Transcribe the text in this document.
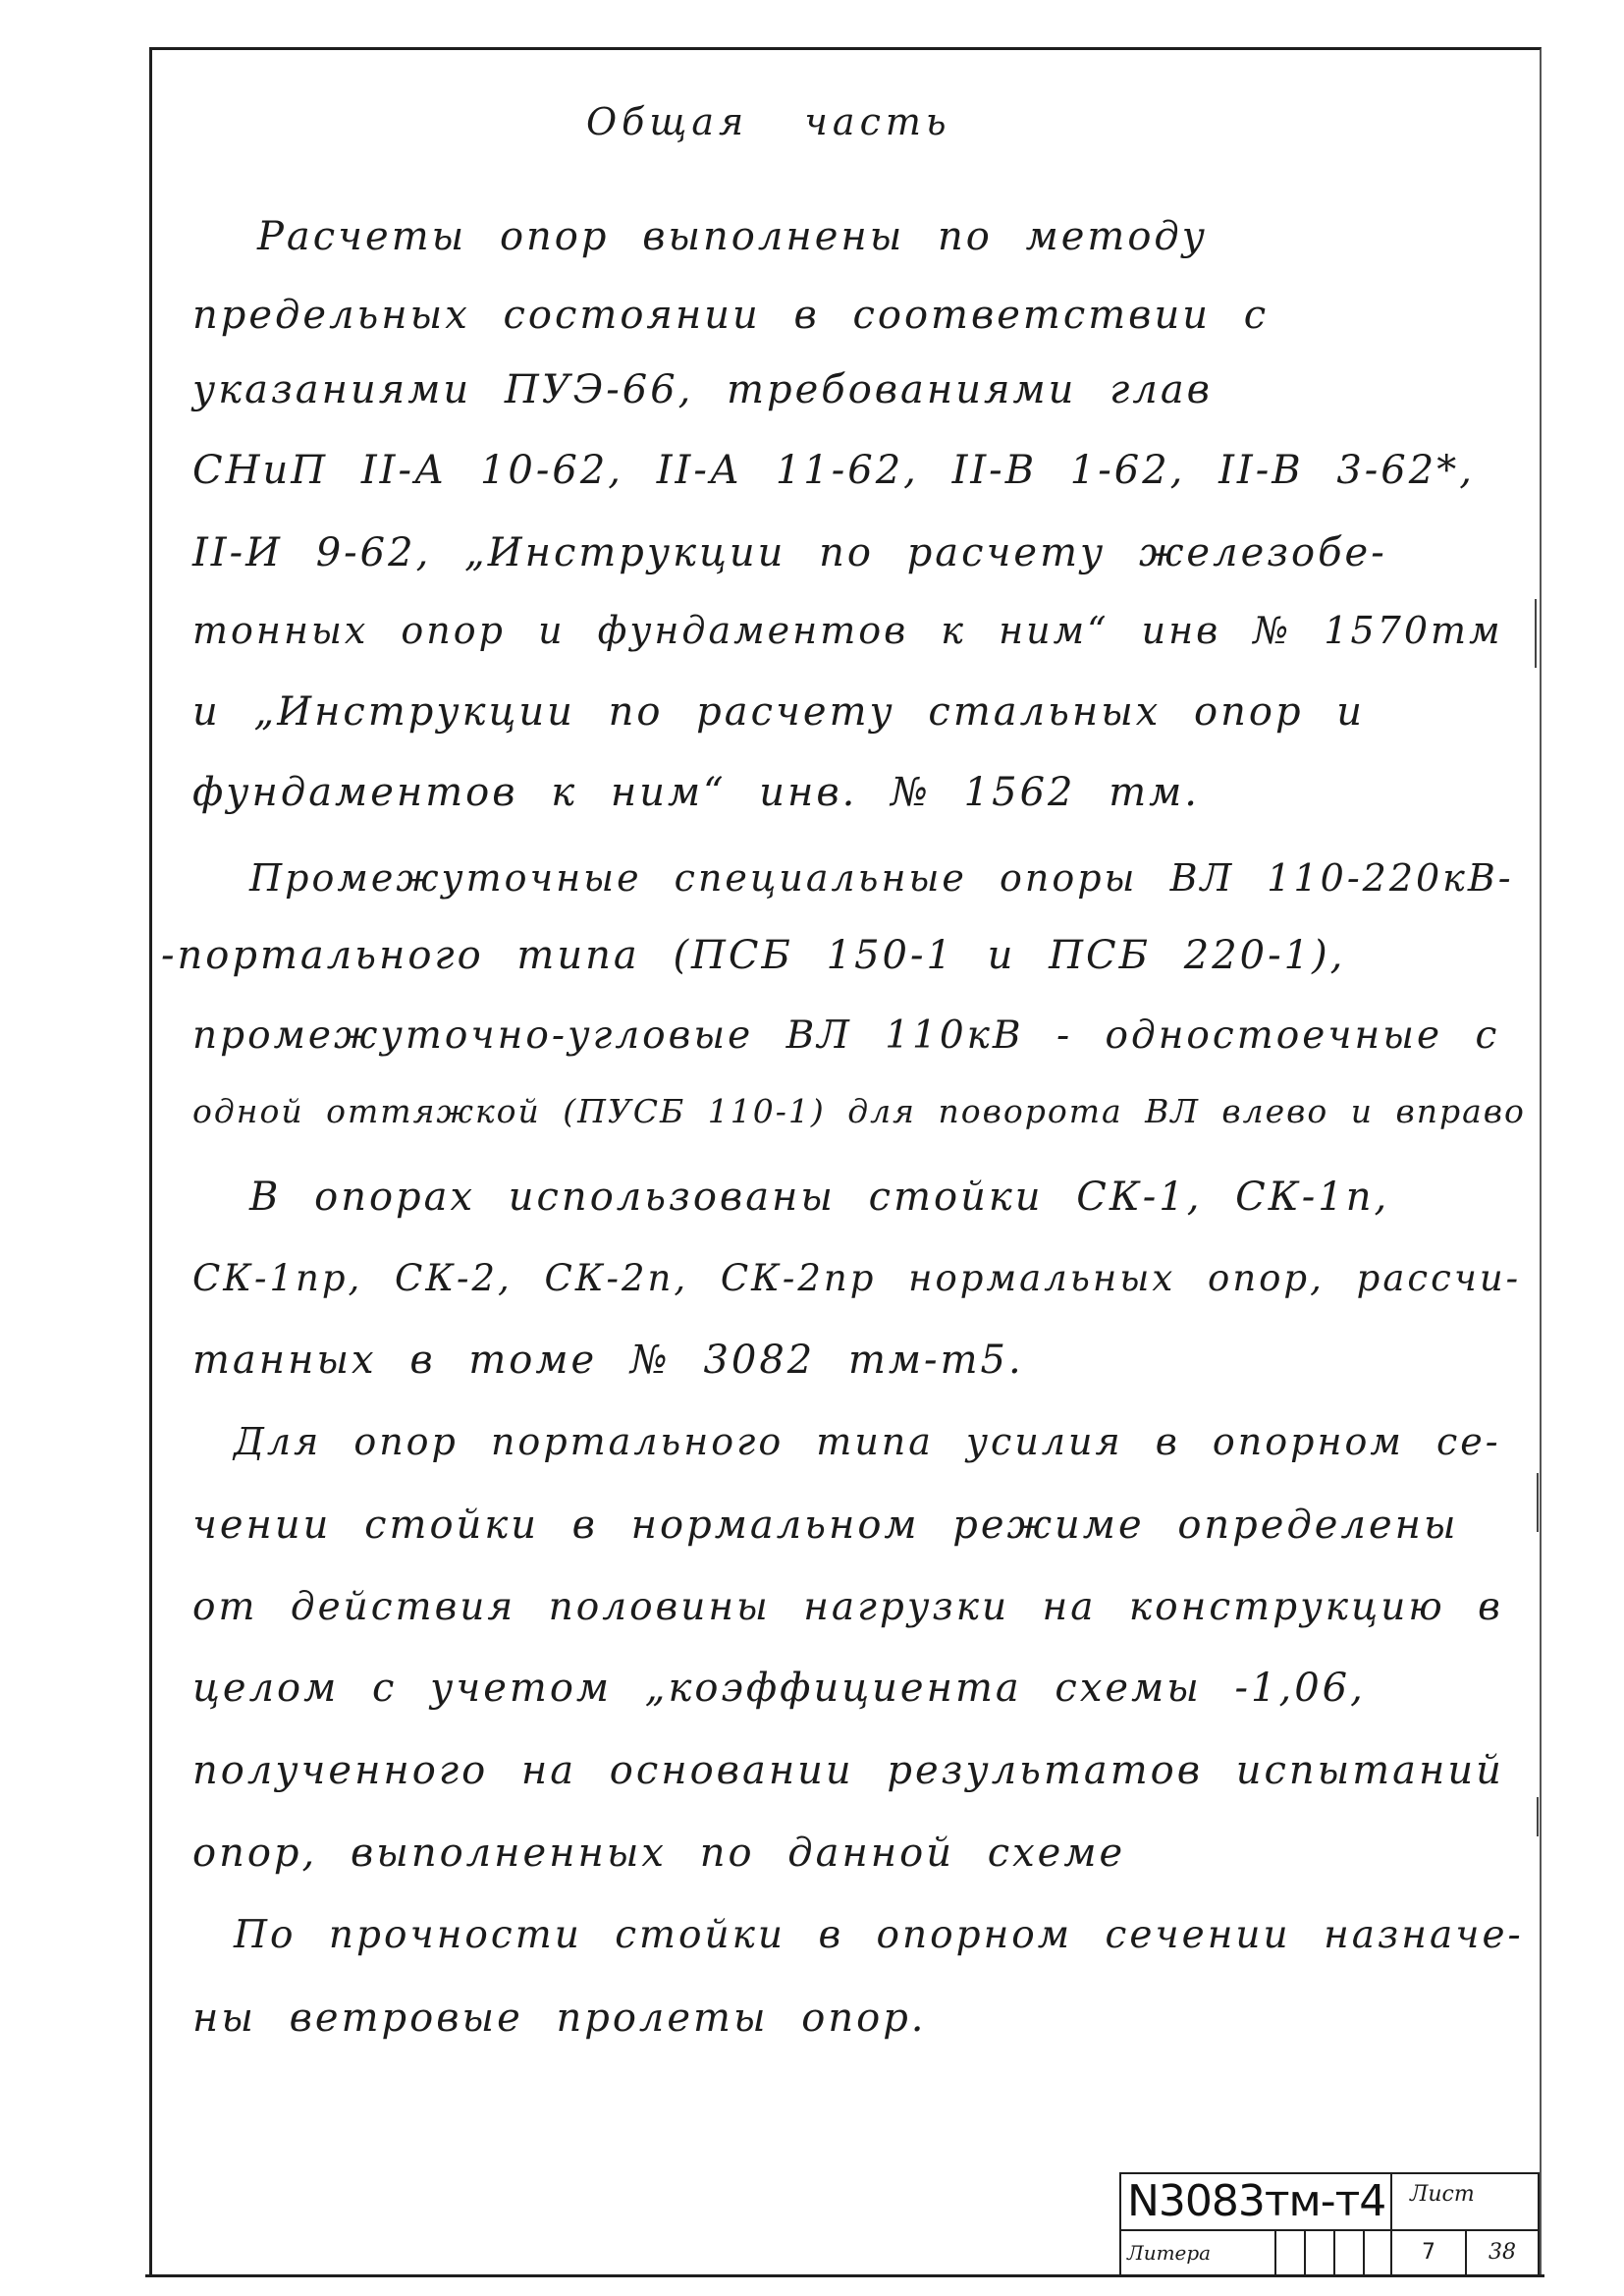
Общая часть
Расчеты опор выполнены по методу
предельных состоянии в соответствии с
указаниями ПУЭ-66, требованиями глав
СНиП II-А 10-62, II-А 11-62, II-В 1-62, II-В 3-62*,
II-И 9-62, „Инструкции по расчету железобе-
тонных опор и фундаментов к ним“ инв № 1570тм
и „Инструкции по расчету стальных опор и
фундаментов к ним“ инв. № 1562 тм.
Промежуточные специальные опоры ВЛ 110-220кВ-
-портального типа (ПСБ 150-1 и ПСБ 220-1),
промежуточно-угловые ВЛ 110кВ - одностоечные с
одной оттяжкой (ПУСБ 110-1) для поворота ВЛ влево и вправо
В опорах использованы стойки СК-1, СК-1п,
СК-1пр, СК-2, СК-2п, СК-2пр нормальных опор, рассчи-
танных в томе № 3082 тм-т5.
Для опор портального типа усилия в опорном се-
чении стойки в нормальном режиме определены
от действия половины нагрузки на конструкцию в
целом с учетом „коэффициента схемы -1,06,
полученного на основании результатов испытаний
опор, выполненных по данной схеме
По прочности стойки в опорном сечении назначе-
ны ветровые пролеты опор.
N3083тм-т4	Лист
Литера	7	38
